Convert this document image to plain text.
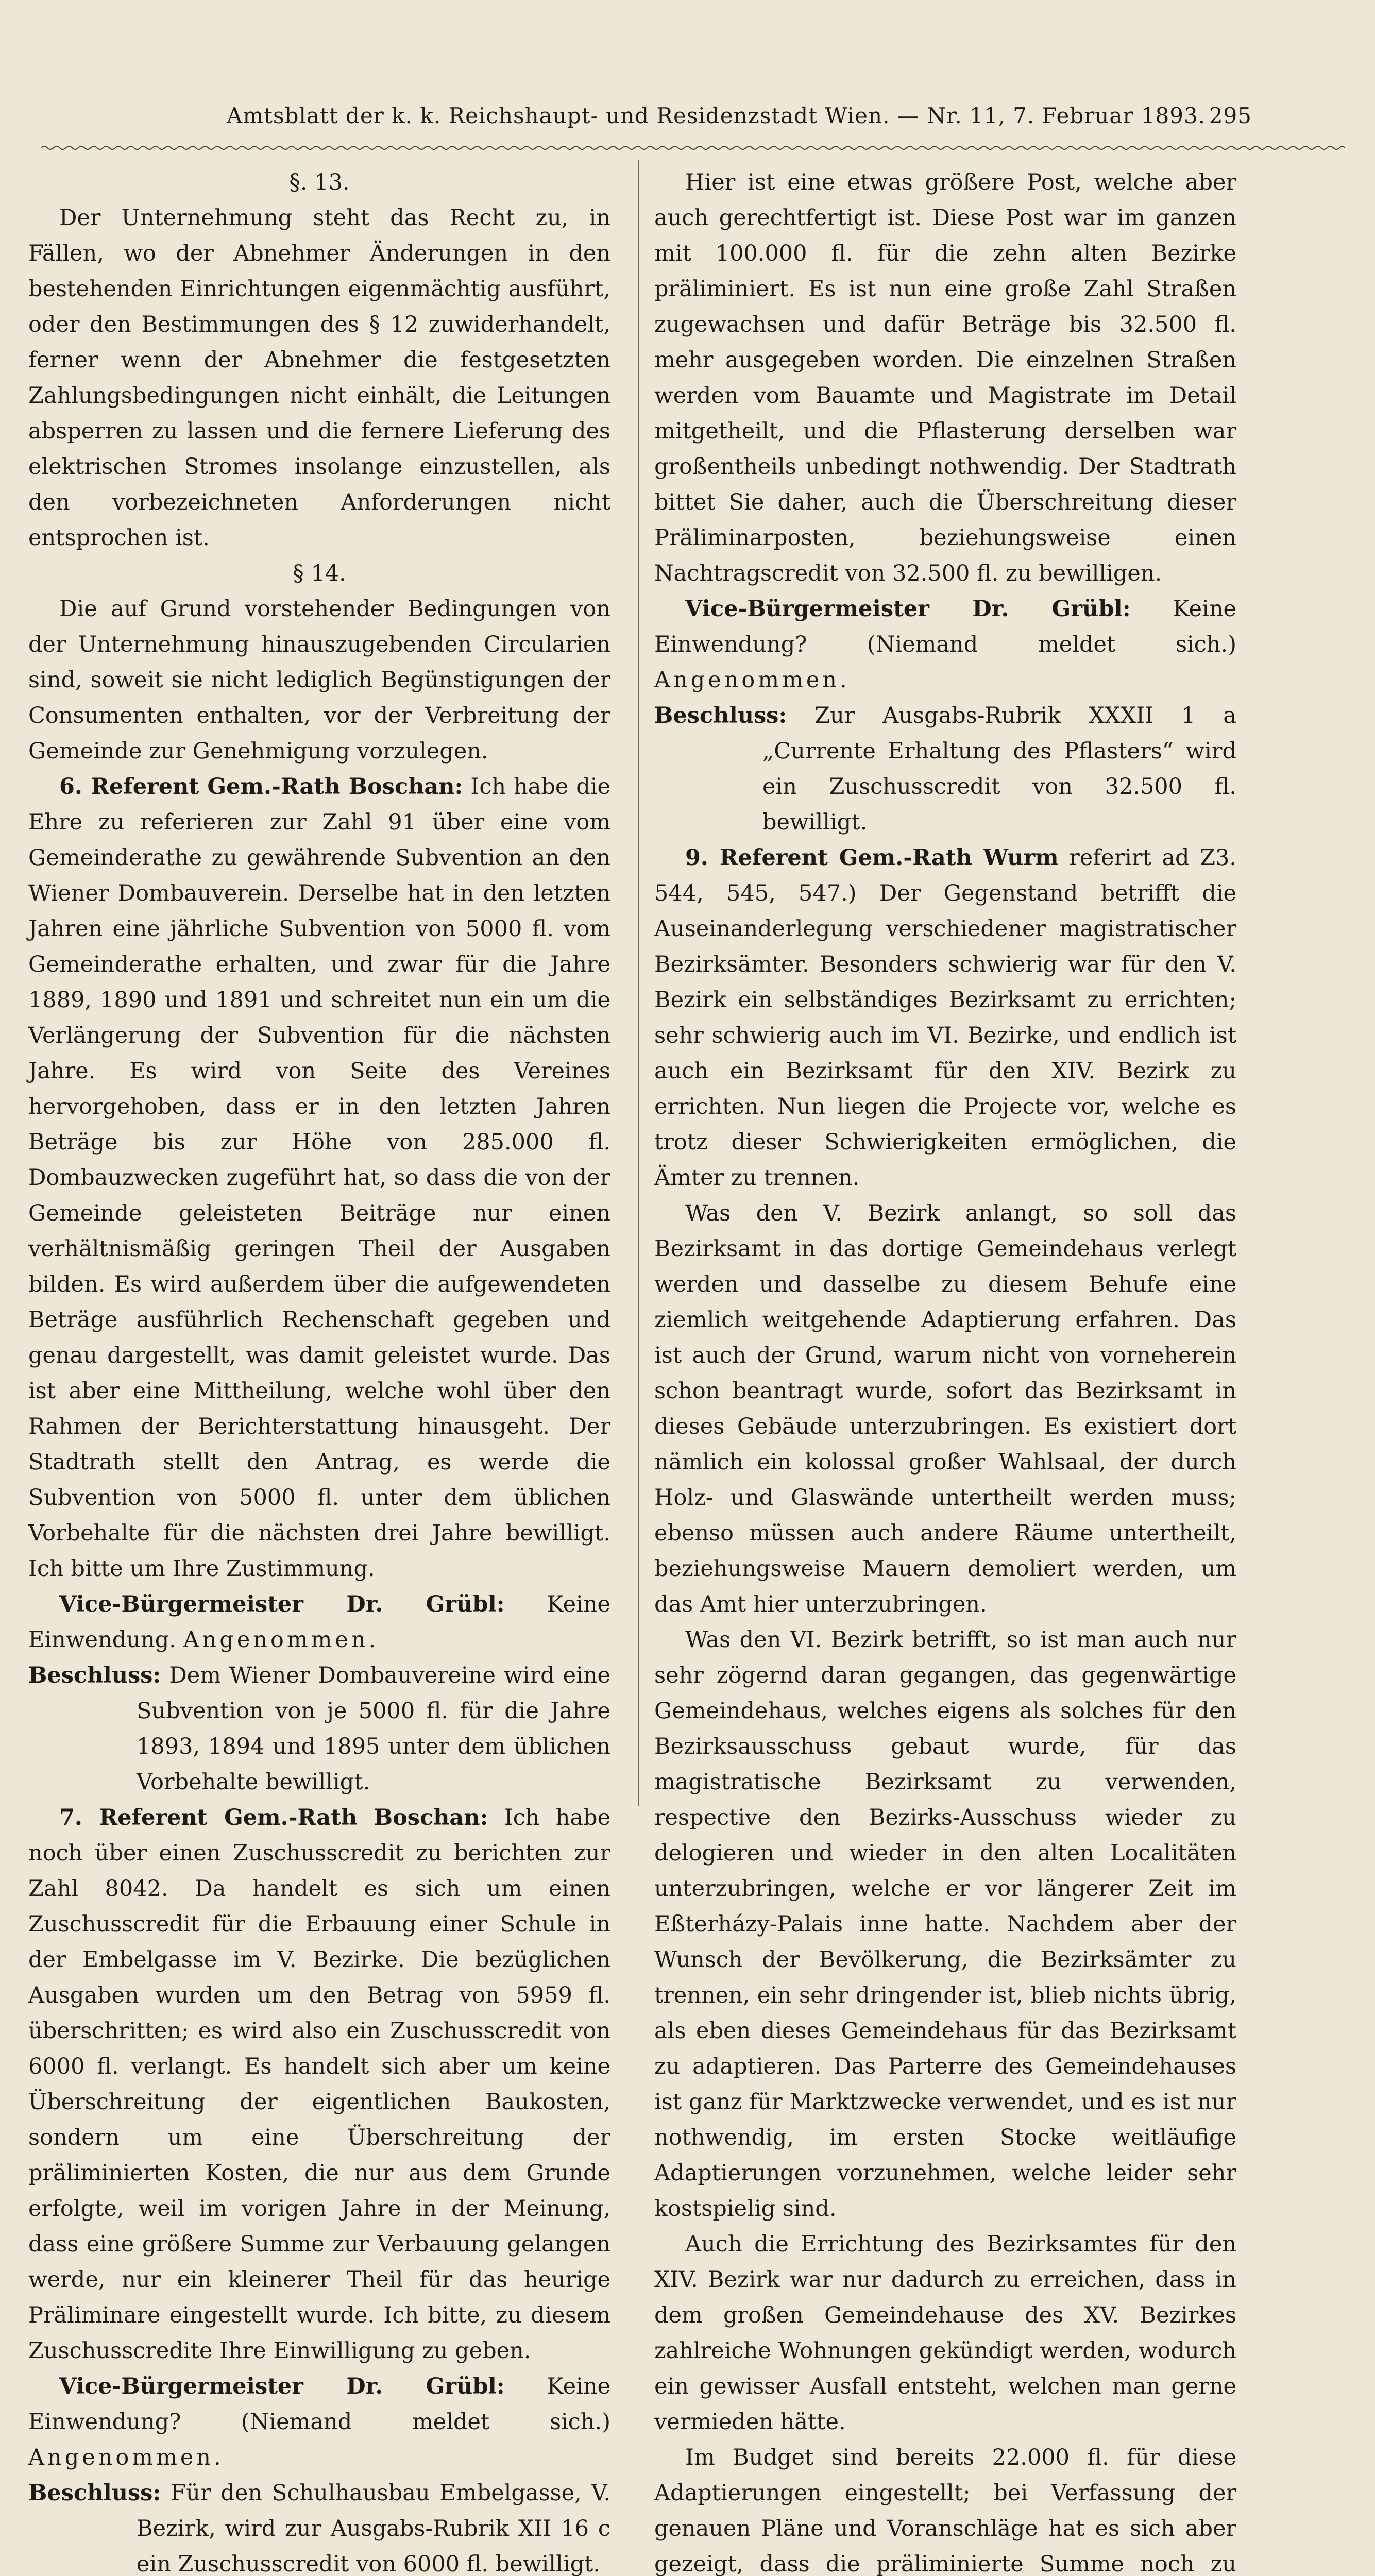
Amtsblatt der k. k. Reichshaupt- und Residenzstadt Wien. — Nr. 11, 7. Februar 1893. 295
§. 13.

Der Unternehmung steht das Recht zu, in Fällen, wo der Abnehmer Änderungen in den bestehenden Einrichtungen eigenmächtig ausführt, oder den Bestimmungen des § 12 zuwiderhandelt, ferner wenn der Abnehmer die festgesetzten Zahlungsbedingungen nicht einhält, die Leitungen absperren zu lassen und die fernere Lieferung des elektrischen Stromes insolange einzustellen, als den vorbezeichneten Anforderungen nicht entsprochen ist.

§ 14.

Die auf Grund vorstehender Bedingungen von der Unternehmung hinauszugebenden Circularien sind, soweit sie nicht lediglich Begünstigungen der Consumenten enthalten, vor der Verbreitung der Gemeinde zur Genehmigung vorzulegen.

6. Referent Gem.-Rath Boschan: Ich habe die Ehre zu referieren zur Zahl 91 über eine vom Gemeinderathe zu gewährende Subvention an den Wiener Dombauverein. Derselbe hat in den letzten Jahren eine jährliche Subvention von 5000 fl. vom Gemeinderathe erhalten, und zwar für die Jahre 1889, 1890 und 1891 und schreitet nun ein um die Verlängerung der Subvention für die nächsten Jahre. Es wird von Seite des Vereines hervorgehoben, dass er in den letzten Jahren Beträge bis zur Höhe von 285.000 fl. Dombauzwecken zugeführt hat, so dass die von der Gemeinde geleisteten Beiträge nur einen verhältnismäßig geringen Theil der Ausgaben bilden. Es wird außerdem über die aufgewendeten Beträge ausführlich Rechenschaft gegeben und genau dargestellt, was damit geleistet wurde. Das ist aber eine Mittheilung, welche wohl über den Rahmen der Berichterstattung hinausgeht. Der Stadtrath stellt den Antrag, es werde die Subvention von 5000 fl. unter dem üblichen Vorbehalte für die nächsten drei Jahre bewilligt. Ich bitte um Ihre Zustimmung.

Vice-Bürgermeister Dr. Grübl: Keine Einwendung. Angenommen.

Beschluss: Dem Wiener Dombauvereine wird eine Subvention von je 5000 fl. für die Jahre 1893, 1894 und 1895 unter dem üblichen Vorbehalte bewilligt.

7. Referent Gem.-Rath Boschan: Ich habe noch über einen Zuschusscredit zu berichten zur Zahl 8042. Da handelt es sich um einen Zuschusscredit für die Erbauung einer Schule in der Embelgasse im V. Bezirke. Die bezüglichen Ausgaben wurden um den Betrag von 5959 fl. überschritten; es wird also ein Zuschusscredit von 6000 fl. verlangt. Es handelt sich aber um keine Überschreitung der eigentlichen Baukosten, sondern um eine Überschreitung der präliminierten Kosten, die nur aus dem Grunde erfolgte, weil im vorigen Jahre in der Meinung, dass eine größere Summe zur Verbauung gelangen werde, nur ein kleinerer Theil für das heurige Präliminare eingestellt wurde. Ich bitte, zu diesem Zuschusscredite Ihre Einwilligung zu geben.

Vice-Bürgermeister Dr. Grübl: Keine Einwendung? (Niemand meldet sich.) Angenommen.

Beschluss: Für den Schulhausbau Embelgasse, V. Bezirk, wird zur Ausgabs-Rubrik XII 16 c ein Zuschusscredit von 6000 fl. bewilligt.

Hier ist eine etwas größere Post, welche aber auch gerechtfertigt ist. Diese Post war im ganzen mit 100.000 fl. für die zehn alten Bezirke präliminiert. Es ist nun eine große Zahl Straßen zugewachsen und dafür Beträge bis 32.500 fl. mehr ausgegeben worden. Die einzelnen Straßen werden vom Bauamte und Magistrate im Detail mitgetheilt, und die Pflasterung derselben war großentheils unbedingt nothwendig. Der Stadtrath bittet Sie daher, auch die Überschreitung dieser Präliminarposten, beziehungsweise einen Nachtragscredit von 32.500 fl. zu bewilligen.

Vice-Bürgermeister Dr. Grübl: Keine Einwendung? (Niemand meldet sich.) Angenommen.

Beschluss: Zur Ausgabs-Rubrik XXXII 1 a „Currente Erhaltung des Pflasters“ wird ein Zuschusscredit von 32.500 fl. bewilligt.

9. Referent Gem.-Rath Wurm referirt ad Z3. 544, 545, 547.) Der Gegenstand betrifft die Auseinanderlegung verschiedener magistratischer Bezirksämter. Besonders schwierig war für den V. Bezirk ein selbständiges Bezirksamt zu errichten; sehr schwierig auch im VI. Bezirke, und endlich ist auch ein Bezirksamt für den XIV. Bezirk zu errichten. Nun liegen die Projecte vor, welche es trotz dieser Schwierigkeiten ermöglichen, die Ämter zu trennen.

Was den V. Bezirk anlangt, so soll das Bezirksamt in das dortige Gemeindehaus verlegt werden und dasselbe zu diesem Behufe eine ziemlich weitgehende Adaptierung erfahren. Das ist auch der Grund, warum nicht von vorneherein schon beantragt wurde, sofort das Bezirksamt in dieses Gebäude unterzubringen. Es existiert dort nämlich ein kolossal großer Wahlsaal, der durch Holz- und Glaswände untertheilt werden muss; ebenso müssen auch andere Räume untertheilt, beziehungsweise Mauern demoliert werden, um das Amt hier unterzubringen.

Was den VI. Bezirk betrifft, so ist man auch nur sehr zögernd daran gegangen, das gegenwärtige Gemeindehaus, welches eigens als solches für den Bezirksausschuss gebaut wurde, für das magistratische Bezirksamt zu verwenden, respective den Bezirks-Ausschuss wieder zu delogieren und wieder in den alten Localitäten unterzubringen, welche er vor längerer Zeit im Eßterházy-Palais inne hatte. Nachdem aber der Wunsch der Bevölkerung, die Bezirksämter zu trennen, ein sehr dringender ist, blieb nichts übrig, als eben dieses Gemeindehaus für das Bezirksamt zu adaptieren. Das Parterre des Gemeindehauses ist ganz für Marktzwecke verwendet, und es ist nur nothwendig, im ersten Stocke weitläufige Adaptierungen vorzunehmen, welche leider sehr kostspielig sind.

Auch die Errichtung des Bezirksamtes für den XIV. Bezirk war nur dadurch zu erreichen, dass in dem großen Gemeindehause des XV. Bezirkes zahlreiche Wohnungen gekündigt werden, wodurch ein gewisser Ausfall entsteht, welchen man gerne vermieden hätte.

Im Budget sind bereits 22.000 fl. für diese Adaptierungen eingestellt; bei Verfassung der genauen Pläne und Voranschläge hat es sich aber gezeigt, dass die präliminierte Summe noch zu
